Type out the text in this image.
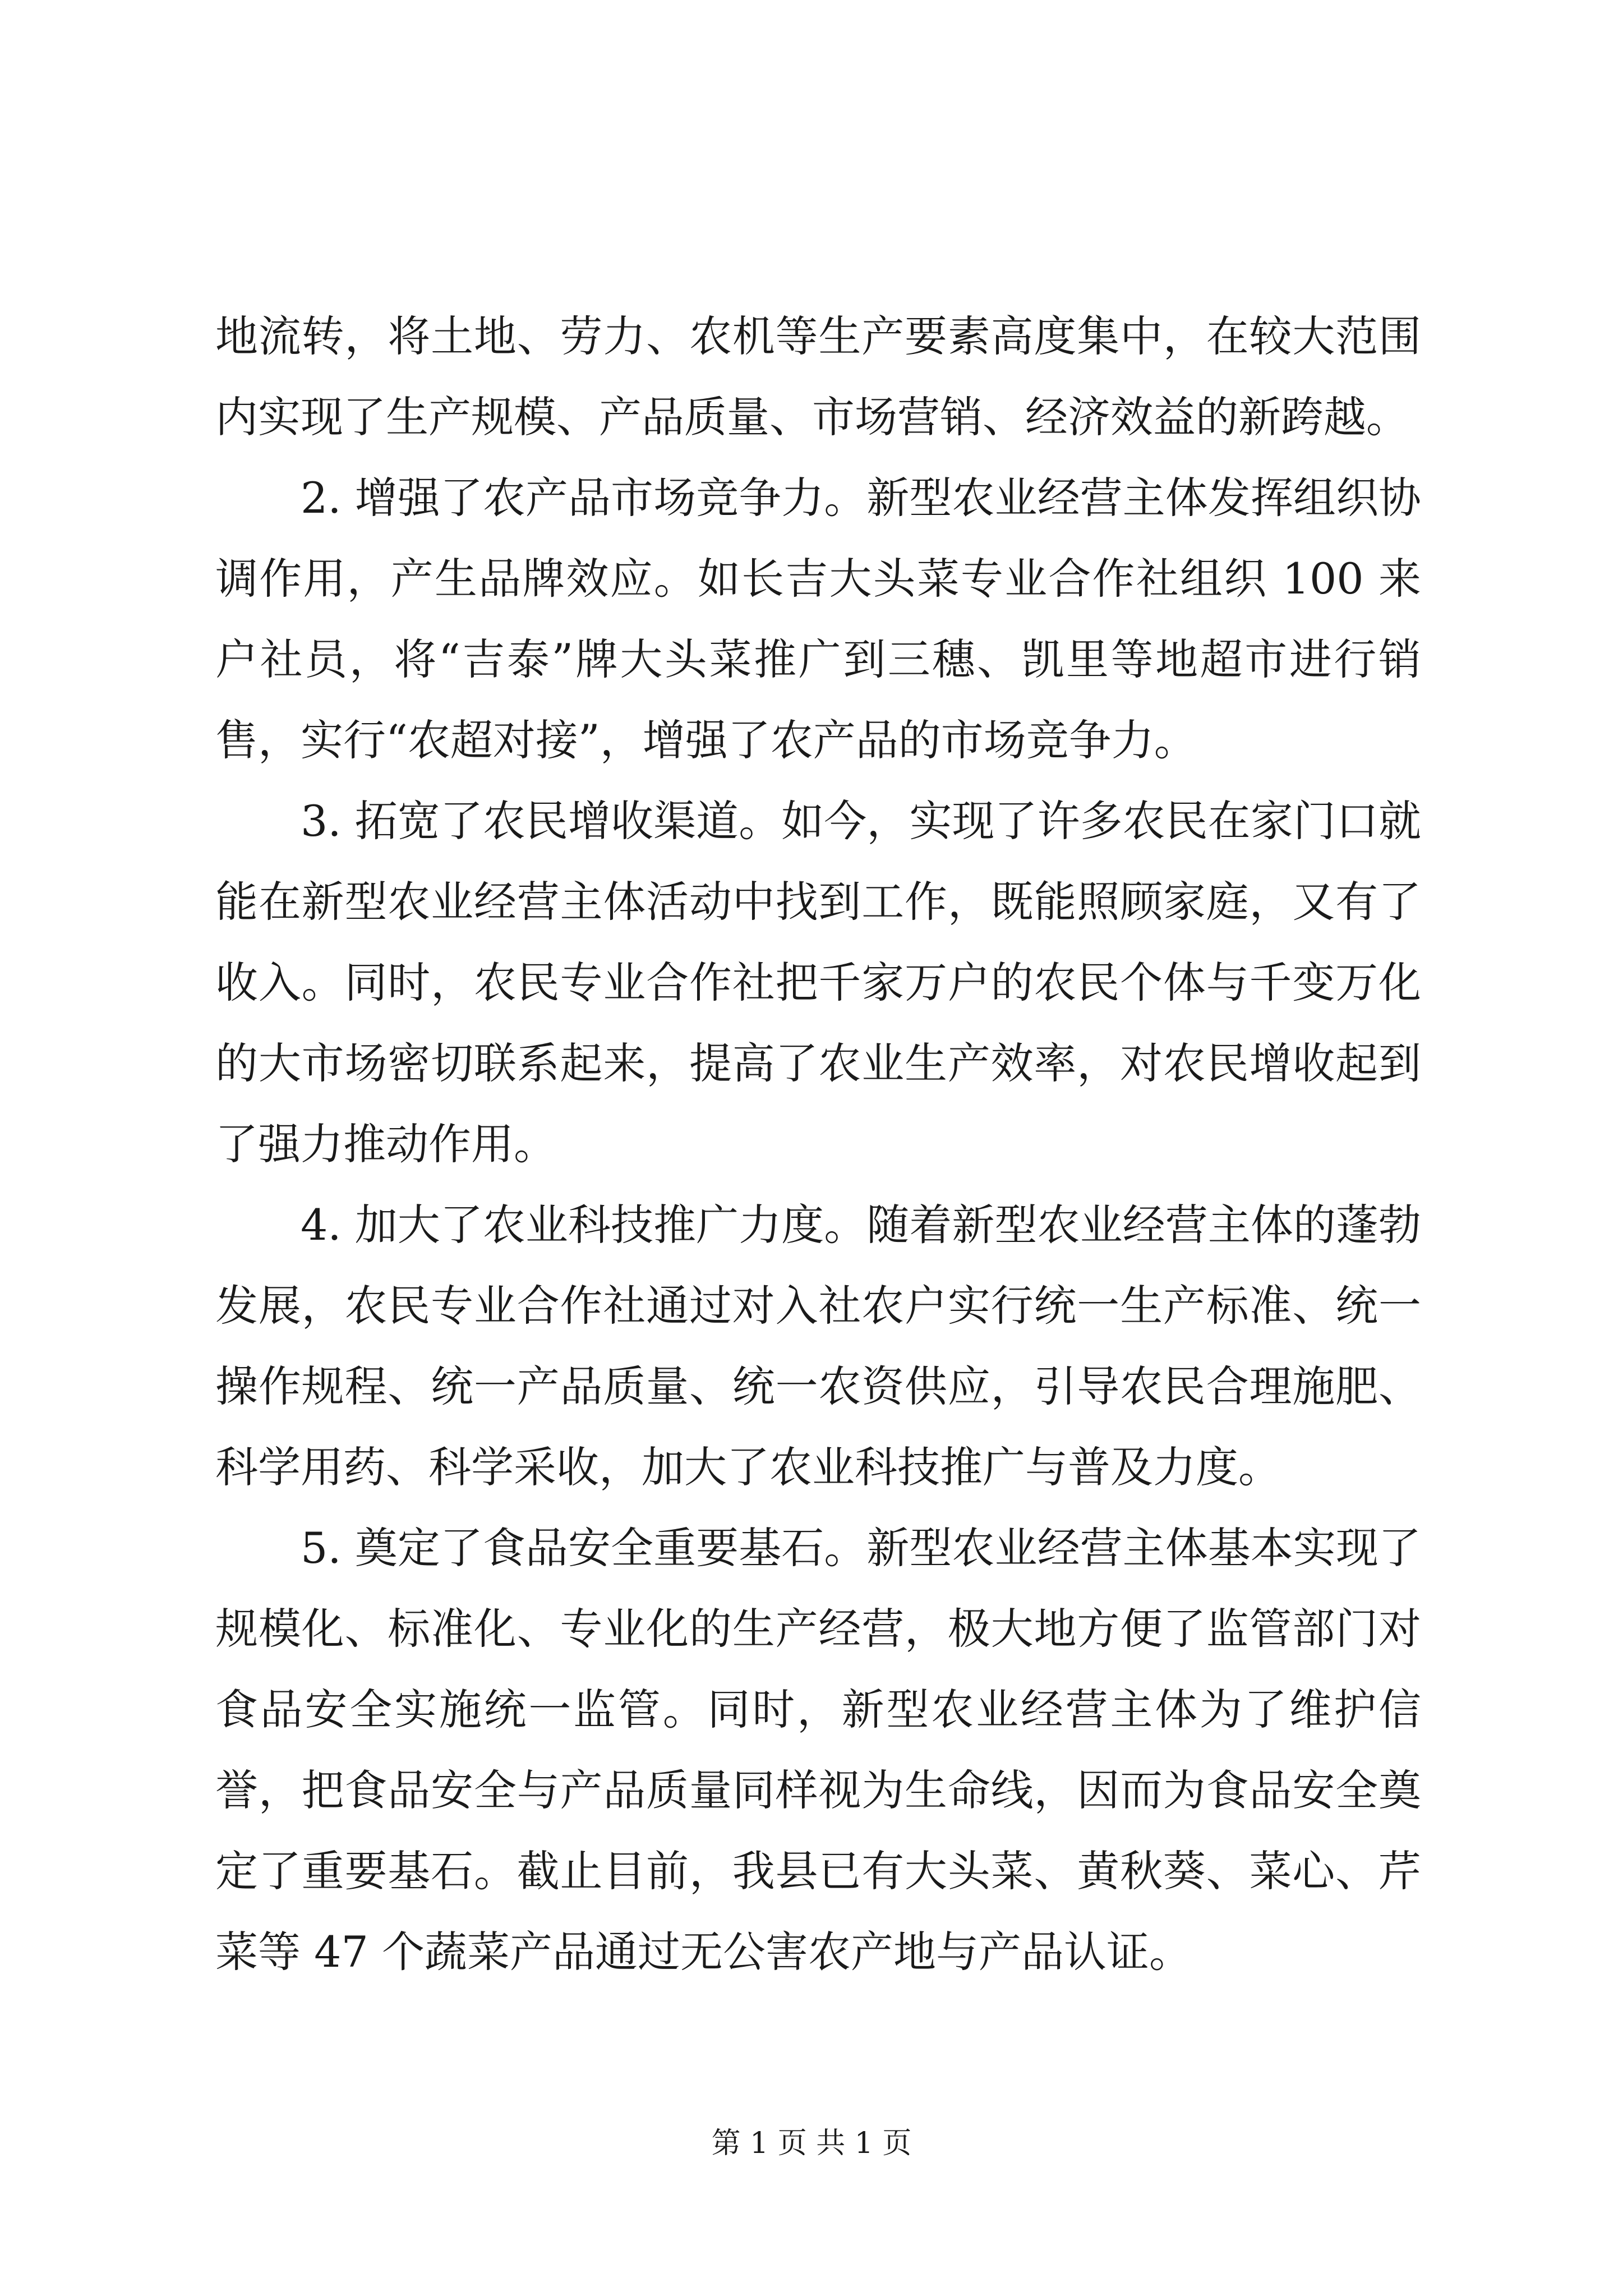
地流转，将土地、劳力、农机等生产要素高度集中，在较大范围内实现了生产规模、产品质量、市场营销、经济效益的新跨越。

2. 增强了农产品市场竞争力。新型农业经营主体发挥组织协调作用，产生品牌效应。如长吉大头菜专业合作社组织 100 来户社员，将“吉泰”牌大头菜推广到三穗、凯里等地超市进行销售，实行“农超对接”，增强了农产品的市场竞争力。

3. 拓宽了农民增收渠道。如今，实现了许多农民在家门口就能在新型农业经营主体活动中找到工作，既能照顾家庭，又有了收入。同时，农民专业合作社把千家万户的农民个体与千变万化的大市场密切联系起来，提高了农业生产效率，对农民增收起到了强力推动作用。

4. 加大了农业科技推广力度。随着新型农业经营主体的蓬勃发展，农民专业合作社通过对入社农户实行统一生产标准、统一操作规程、统一产品质量、统一农资供应，引导农民合理施肥、科学用药、科学采收，加大了农业科技推广与普及力度。

5. 奠定了食品安全重要基石。新型农业经营主体基本实现了规模化、标准化、专业化的生产经营，极大地方便了监管部门对食品安全实施统一监管。同时，新型农业经营主体为了维护信誉，把食品安全与产品质量同样视为生命线，因而为食品安全奠定了重要基石。截止目前，我县已有大头菜、黄秋葵、菜心、芹菜等 47 个蔬菜产品通过无公害农产地与产品认证。

第 1 页 共 1 页
